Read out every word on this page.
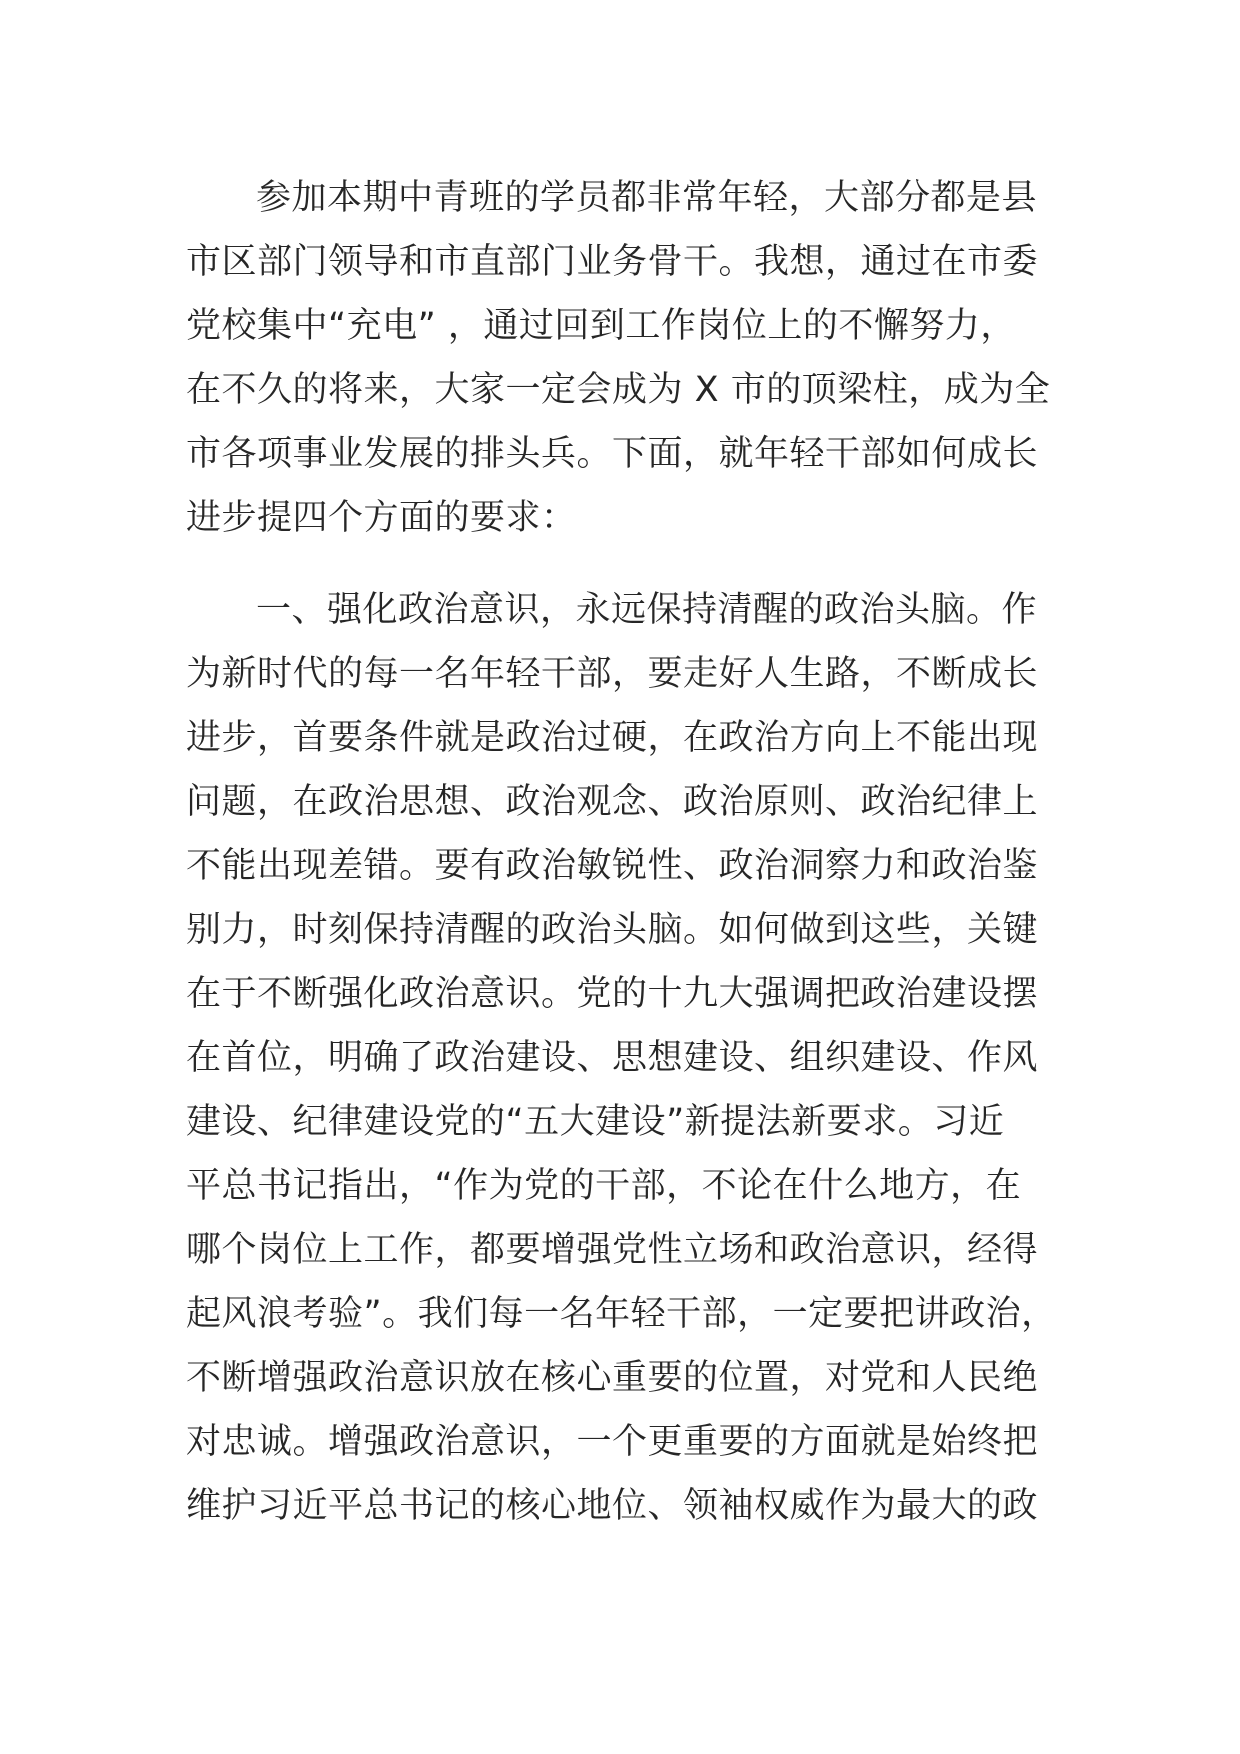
参加本期中青班的学员都非常年轻，大部分都是县
市区部门领导和市直部门业务骨干。我想，通过在市委
党校集中“充电” ，通过回到工作岗位上的不懈努力，
在不久的将来，大家一定会成为 X 市的顶梁柱，成为全
市各项事业发展的排头兵。下面，就年轻干部如何成长
进步提四个方面的要求：
一、强化政治意识，永远保持清醒的政治头脑。作
为新时代的每一名年轻干部，要走好人生路，不断成长
进步，首要条件就是政治过硬，在政治方向上不能出现
问题，在政治思想、政治观念、政治原则、政治纪律上
不能出现差错。要有政治敏锐性、政治洞察力和政治鉴
别力，时刻保持清醒的政治头脑。如何做到这些，关键
在于不断强化政治意识。党的十九大强调把政治建设摆
在首位，明确了政治建设、思想建设、组织建设、作风
建设、纪律建设党的“五大建设”新提法新要求。习近
平总书记指出，“作为党的干部，不论在什么地方，在
哪个岗位上工作，都要增强党性立场和政治意识，经得
起风浪考验”。我们每一名年轻干部，一定要把讲政治，
不断增强政治意识放在核心重要的位置，对党和人民绝
对忠诚。增强政治意识，一个更重要的方面就是始终把
维护习近平总书记的核心地位、领袖权威作为最大的政
